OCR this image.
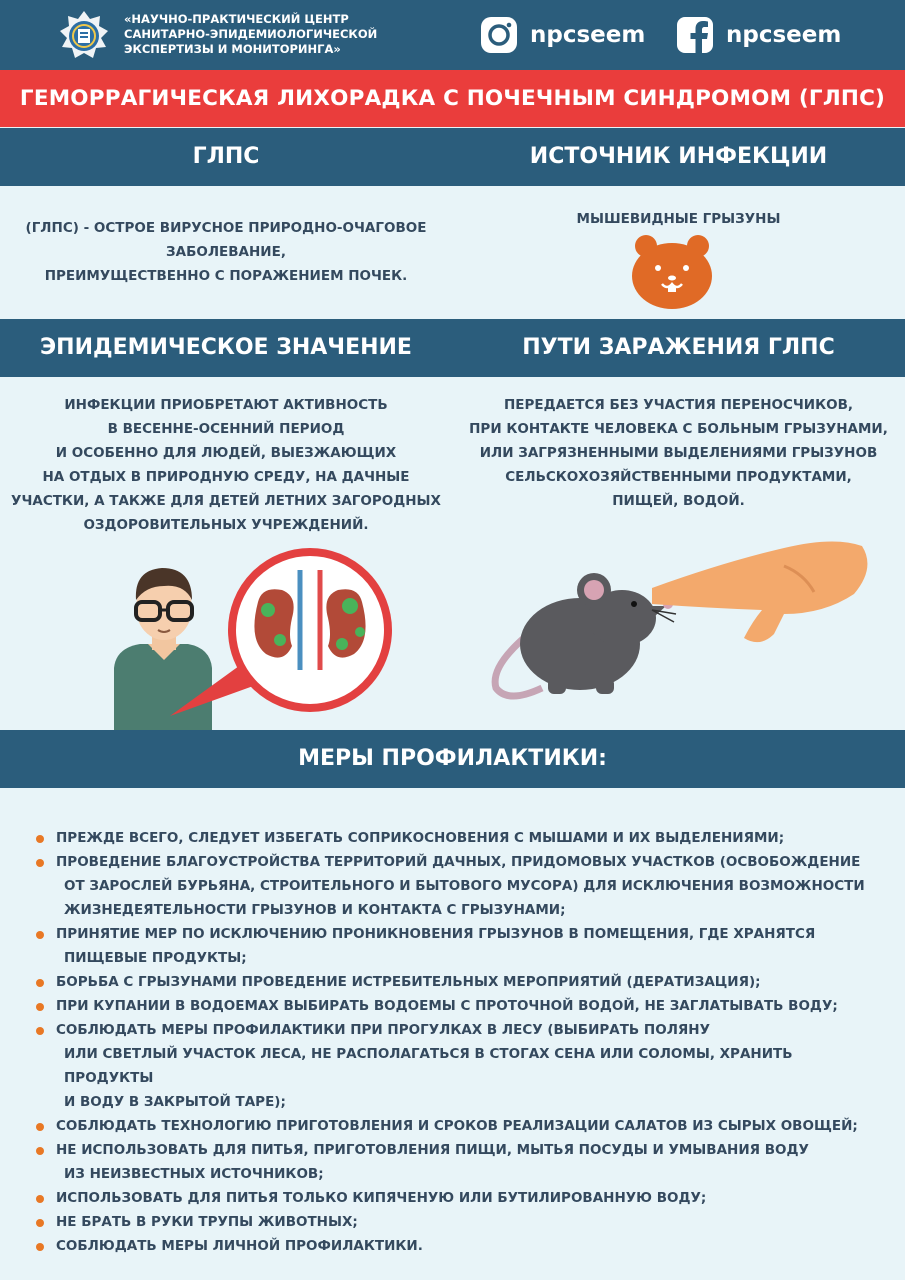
«НАУЧНО-ПРАКТИЧЕСКИЙ ЦЕНТР
САНИТАРНО-ЭПИДЕМИОЛОГИЧЕСКОЙ
ЭКСПЕРТИЗЫ И МОНИТОРИНГА»
npcseem	npcseem
ГЕМОРРАГИЧЕСКАЯ ЛИХОРАДКА С ПОЧЕЧНЫМ СИНДРОМОМ (ГЛПС)
ГЛПС	ИСТОЧНИК ИНФЕКЦИИ
(ГЛПС) - ОСТРОЕ ВИРУСНОЕ ПРИРОДНО-ОЧАГОВОЕ
ЗАБОЛЕВАНИЕ,
ПРЕИМУЩЕСТВЕННО С ПОРАЖЕНИЕМ ПОЧЕК.
МЫШЕВИДНЫЕ ГРЫЗУНЫ
ЭПИДЕМИЧЕСКОЕ ЗНАЧЕНИЕ	ПУТИ ЗАРАЖЕНИЯ ГЛПС
ИНФЕКЦИИ ПРИОБРЕТАЮТ АКТИВНОСТЬ
В ВЕСЕННЕ-ОСЕННИЙ ПЕРИОД
И ОСОБЕННО ДЛЯ ЛЮДЕЙ, ВЫЕЗЖАЮЩИХ
НА ОТДЫХ В ПРИРОДНУЮ СРЕДУ, НА ДАЧНЫЕ
УЧАСТКИ, А ТАКЖЕ ДЛЯ ДЕТЕЙ ЛЕТНИХ ЗАГОРОДНЫХ
ОЗДОРОВИТЕЛЬНЫХ УЧРЕЖДЕНИЙ.
ПЕРЕДАЕТСЯ БЕЗ УЧАСТИЯ ПЕРЕНОСЧИКОВ,
ПРИ КОНТАКТЕ ЧЕЛОВЕКА С БОЛЬНЫМ ГРЫЗУНАМИ,
ИЛИ ЗАГРЯЗНЕННЫМИ ВЫДЕЛЕНИЯМИ ГРЫЗУНОВ
СЕЛЬСКОХОЗЯЙСТВЕННЫМИ ПРОДУКТАМИ,
ПИЩЕЙ, ВОДОЙ.
МЕРЫ ПРОФИЛАКТИКИ:
ПРЕЖДЕ ВСЕГО, СЛЕДУЕТ ИЗБЕГАТЬ СОПРИКОСНОВЕНИЯ С МЫШАМИ И ИХ ВЫДЕЛЕНИЯМИ;
ПРОВЕДЕНИЕ БЛАГОУСТРОЙСТВА ТЕРРИТОРИЙ ДАЧНЫХ, ПРИДОМОВЫХ УЧАСТКОВ (ОСВОБОЖДЕНИЕ
ОТ ЗАРОСЛЕЙ БУРЬЯНА, СТРОИТЕЛЬНОГО И БЫТОВОГО МУСОРА) ДЛЯ ИСКЛЮЧЕНИЯ ВОЗМОЖНОСТИ
ЖИЗНЕДЕЯТЕЛЬНОСТИ ГРЫЗУНОВ И КОНТАКТА С ГРЫЗУНАМИ;
ПРИНЯТИЕ МЕР ПО ИСКЛЮЧЕНИЮ ПРОНИКНОВЕНИЯ ГРЫЗУНОВ В ПОМЕЩЕНИЯ, ГДЕ ХРАНЯТСЯ
ПИЩЕВЫЕ ПРОДУКТЫ;
БОРЬБА С ГРЫЗУНАМИ ПРОВЕДЕНИЕ ИСТРЕБИТЕЛЬНЫХ МЕРОПРИЯТИЙ (ДЕРАТИЗАЦИЯ);
ПРИ КУПАНИИ В ВОДОЕМАХ ВЫБИРАТЬ ВОДОЕМЫ С ПРОТОЧНОЙ ВОДОЙ, НЕ ЗАГЛАТЫВАТЬ ВОДУ;
СОБЛЮДАТЬ МЕРЫ ПРОФИЛАКТИКИ ПРИ ПРОГУЛКАХ В ЛЕСУ (ВЫБИРАТЬ ПОЛЯНУ
ИЛИ СВЕТЛЫЙ УЧАСТОК ЛЕСА, НЕ РАСПОЛАГАТЬСЯ В СТОГАХ СЕНА ИЛИ СОЛОМЫ, ХРАНИТЬ ПРОДУКТЫ
И ВОДУ В ЗАКРЫТОЙ ТАРЕ);
СОБЛЮДАТЬ ТЕХНОЛОГИЮ ПРИГОТОВЛЕНИЯ И СРОКОВ РЕАЛИЗАЦИИ САЛАТОВ ИЗ СЫРЫХ ОВОЩЕЙ;
НЕ ИСПОЛЬЗОВАТЬ ДЛЯ ПИТЬЯ, ПРИГОТОВЛЕНИЯ ПИЩИ, МЫТЬЯ ПОСУДЫ И УМЫВАНИЯ ВОДУ
ИЗ НЕИЗВЕСТНЫХ ИСТОЧНИКОВ;
ИСПОЛЬЗОВАТЬ ДЛЯ ПИТЬЯ ТОЛЬКО КИПЯЧЕНУЮ ИЛИ БУТИЛИРОВАННУЮ ВОДУ;
НЕ БРАТЬ В РУКИ ТРУПЫ ЖИВОТНЫХ;
СОБЛЮДАТЬ МЕРЫ ЛИЧНОЙ ПРОФИЛАКТИКИ.
